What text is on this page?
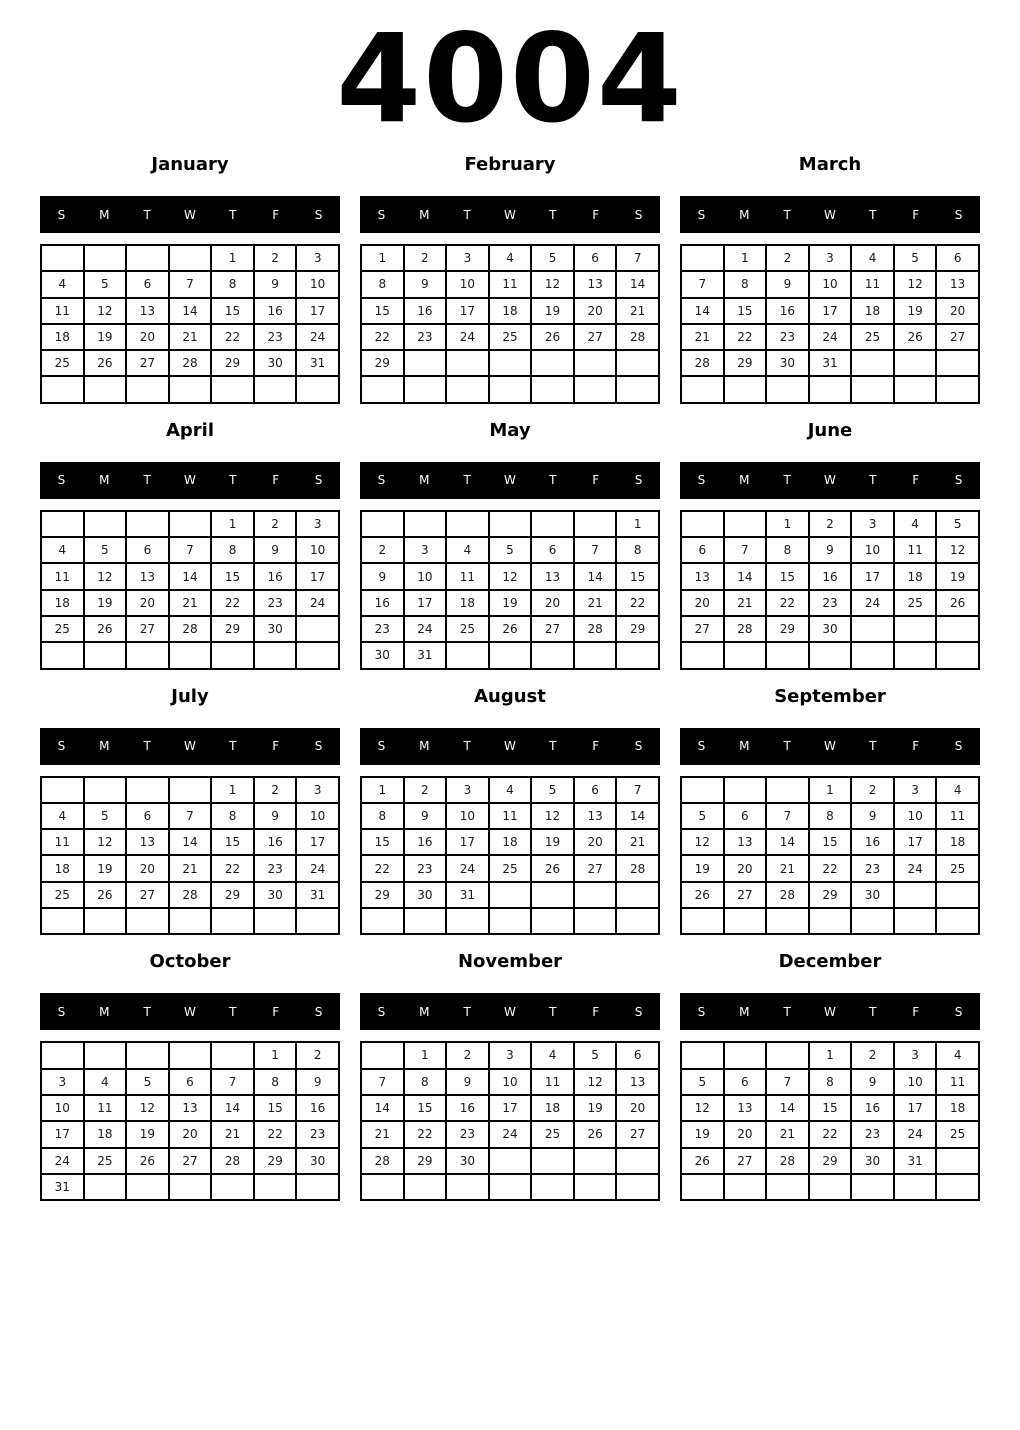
4004
January
S	M	T	W	T	F	S
				1	2	3
4	5	6	7	8	9	10
11	12	13	14	15	16	17
18	19	20	21	22	23	24
25	26	27	28	29	30	31

February
S	M	T	W	T	F	S
1	2	3	4	5	6	7
8	9	10	11	12	13	14
15	16	17	18	19	20	21
22	23	24	25	26	27	28
29						

March
S	M	T	W	T	F	S
	1	2	3	4	5	6
7	8	9	10	11	12	13
14	15	16	17	18	19	20
21	22	23	24	25	26	27
28	29	30	31			

April
S	M	T	W	T	F	S
				1	2	3
4	5	6	7	8	9	10
11	12	13	14	15	16	17
18	19	20	21	22	23	24
25	26	27	28	29	30	

May
S	M	T	W	T	F	S
						1
2	3	4	5	6	7	8
9	10	11	12	13	14	15
16	17	18	19	20	21	22
23	24	25	26	27	28	29
30	31					
June
S	M	T	W	T	F	S
		1	2	3	4	5
6	7	8	9	10	11	12
13	14	15	16	17	18	19
20	21	22	23	24	25	26
27	28	29	30			

July
S	M	T	W	T	F	S
				1	2	3
4	5	6	7	8	9	10
11	12	13	14	15	16	17
18	19	20	21	22	23	24
25	26	27	28	29	30	31

August
S	M	T	W	T	F	S
1	2	3	4	5	6	7
8	9	10	11	12	13	14
15	16	17	18	19	20	21
22	23	24	25	26	27	28
29	30	31				

September
S	M	T	W	T	F	S
			1	2	3	4
5	6	7	8	9	10	11
12	13	14	15	16	17	18
19	20	21	22	23	24	25
26	27	28	29	30		

October
S	M	T	W	T	F	S
					1	2
3	4	5	6	7	8	9
10	11	12	13	14	15	16
17	18	19	20	21	22	23
24	25	26	27	28	29	30
31						
November
S	M	T	W	T	F	S
	1	2	3	4	5	6
7	8	9	10	11	12	13
14	15	16	17	18	19	20
21	22	23	24	25	26	27
28	29	30				

December
S	M	T	W	T	F	S
			1	2	3	4
5	6	7	8	9	10	11
12	13	14	15	16	17	18
19	20	21	22	23	24	25
26	27	28	29	30	31	
